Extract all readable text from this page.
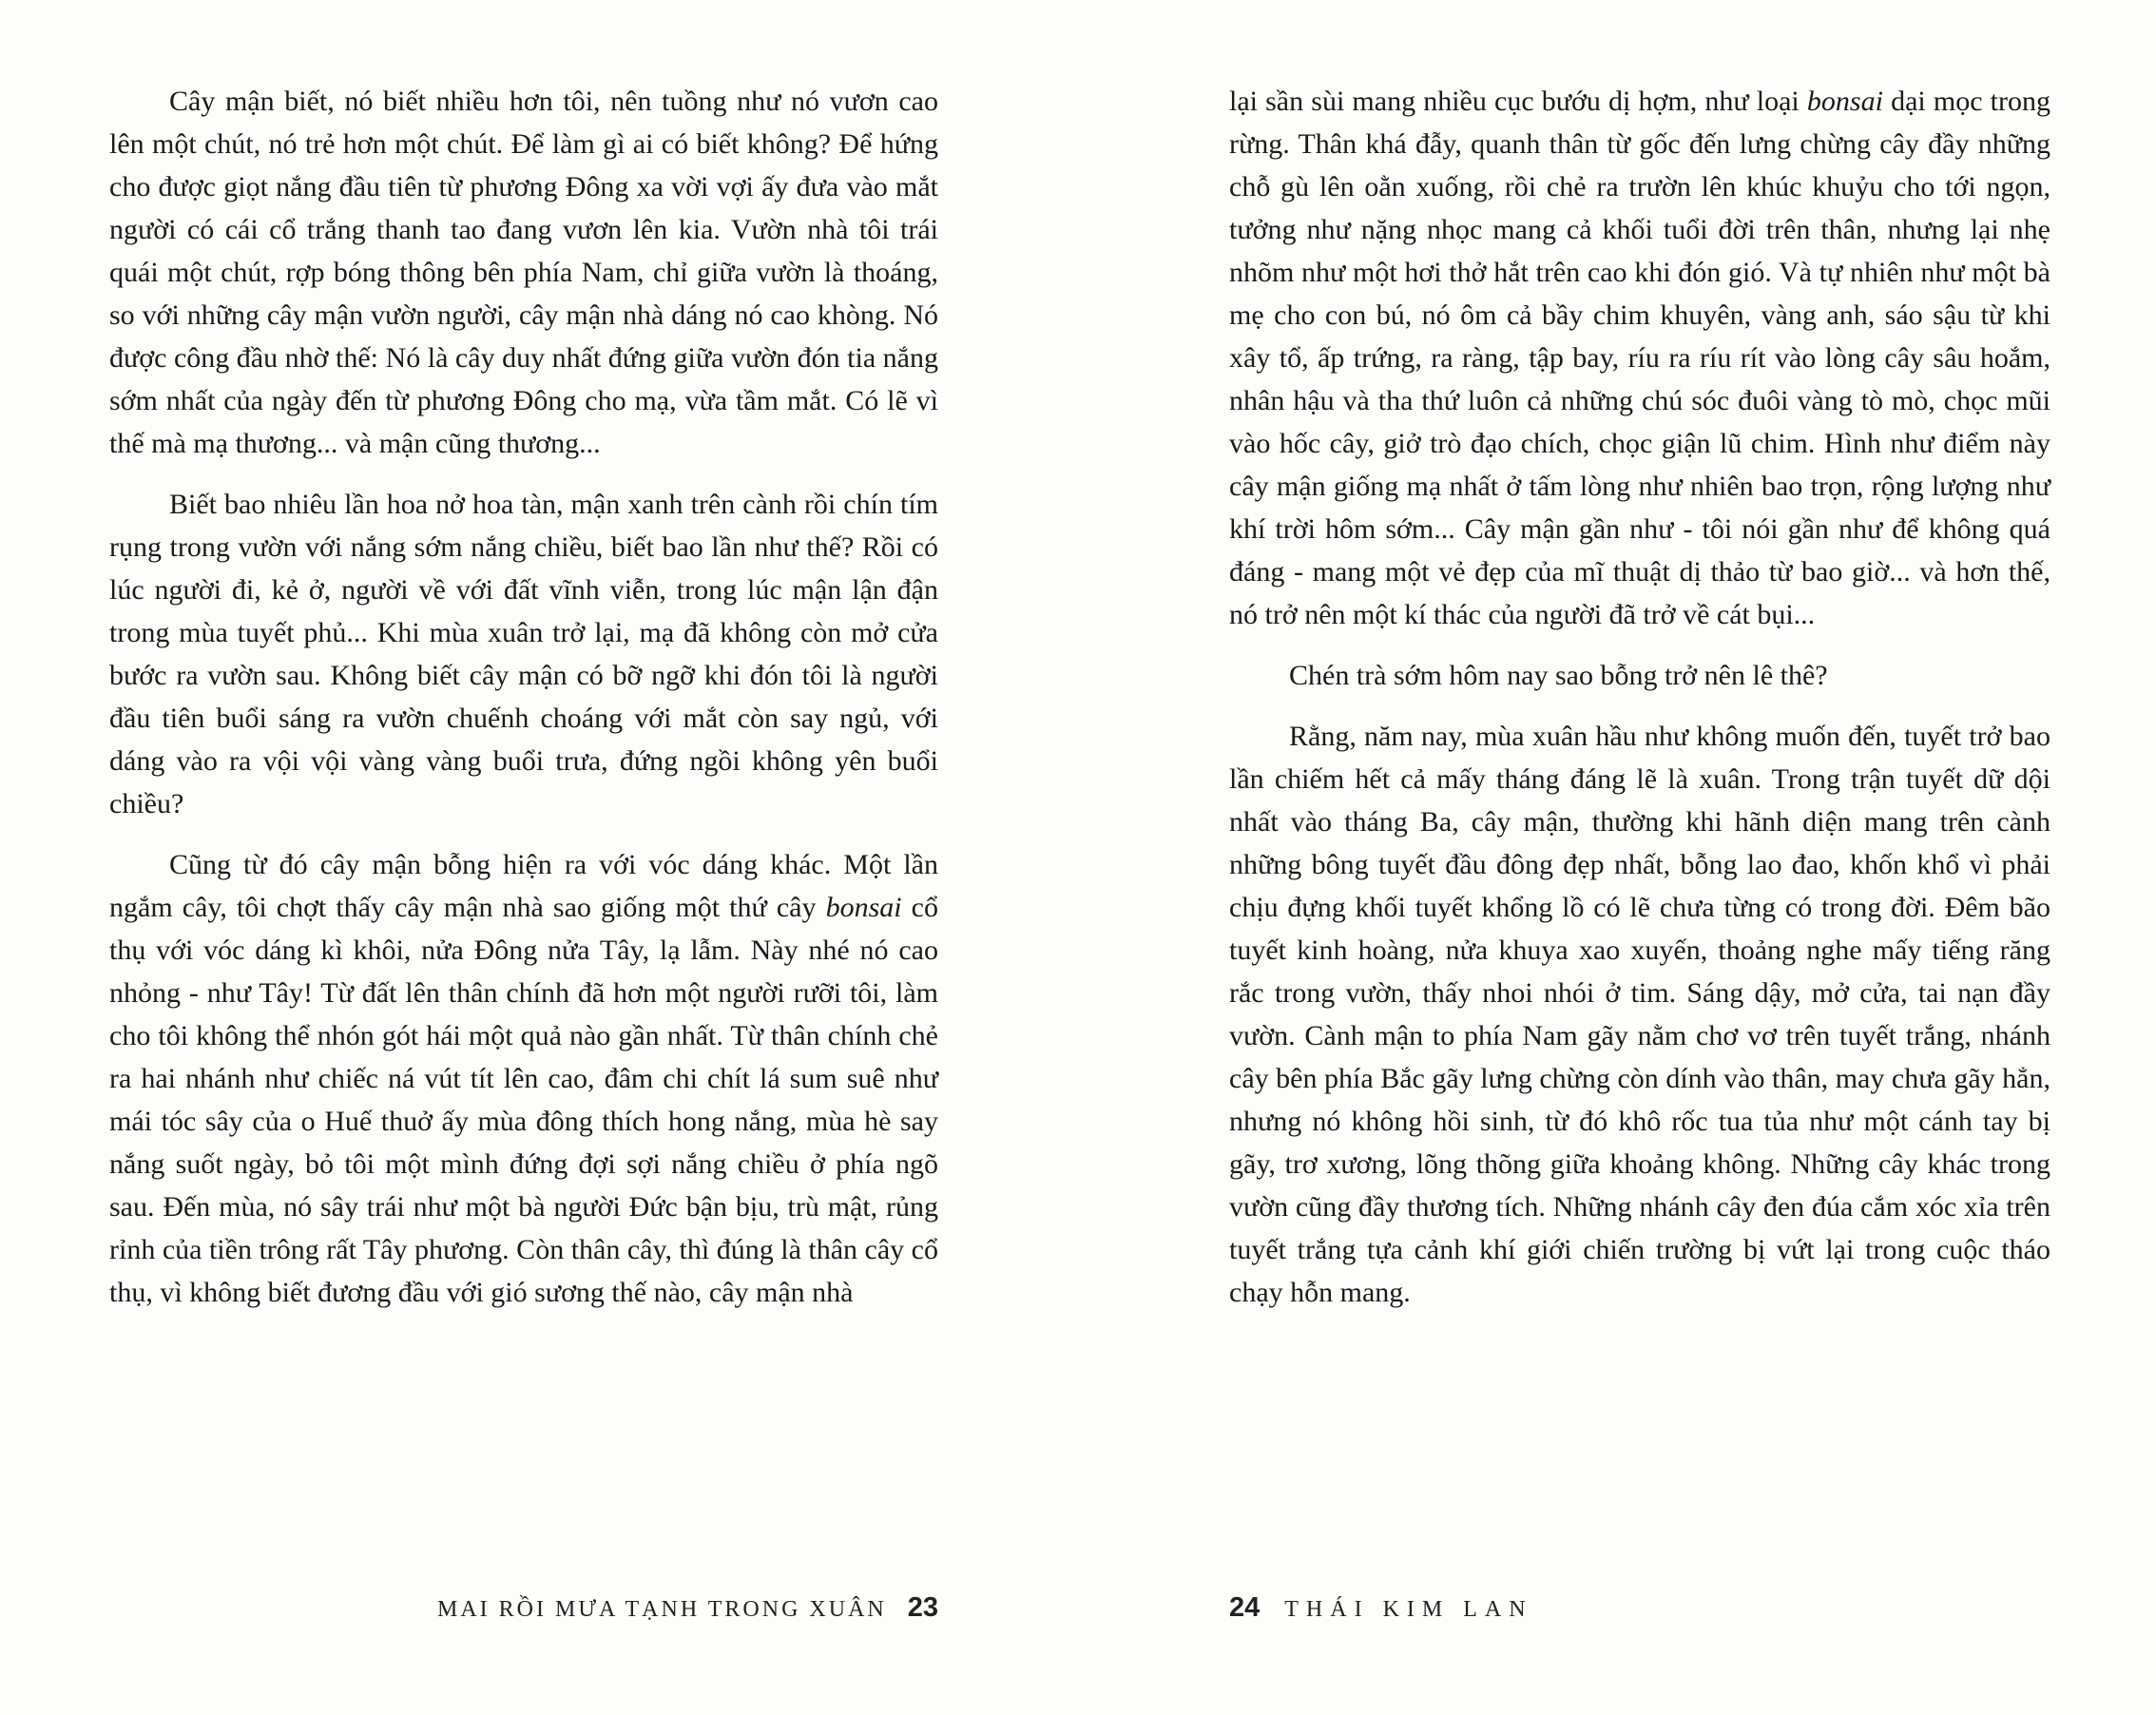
Cây mận biết, nó biết nhiều hơn tôi, nên tuồng như nó vươn cao lên một chút, nó trẻ hơn một chút. Để làm gì ai có biết không? Để hứng cho được giọt nắng đầu tiên từ phương Đông xa vời vợi ấy đưa vào mắt người có cái cổ trắng thanh tao đang vươn lên kia. Vườn nhà tôi trái quái một chút, rợp bóng thông bên phía Nam, chỉ giữa vườn là thoáng, so với những cây mận vườn người, cây mận nhà dáng nó cao khòng. Nó được công đầu nhờ thế: Nó là cây duy nhất đứng giữa vườn đón tia nắng sớm nhất của ngày đến từ phương Đông cho mạ, vừa tầm mắt. Có lẽ vì thế mà mạ thương... và mận cũng thương...

Biết bao nhiêu lần hoa nở hoa tàn, mận xanh trên cành rồi chín tím rụng trong vườn với nắng sớm nắng chiều, biết bao lần như thế? Rồi có lúc người đi, kẻ ở, người về với đất vĩnh viễn, trong lúc mận lận đận trong mùa tuyết phủ... Khi mùa xuân trở lại, mạ đã không còn mở cửa bước ra vườn sau. Không biết cây mận có bỡ ngỡ khi đón tôi là người đầu tiên buổi sáng ra vườn chuếnh choáng với mắt còn say ngủ, với dáng vào ra vội vội vàng vàng buổi trưa, đứng ngồi không yên buổi chiều?

Cũng từ đó cây mận bỗng hiện ra với vóc dáng khác. Một lần ngắm cây, tôi chợt thấy cây mận nhà sao giống một thứ cây bonsai cổ thụ với vóc dáng kì khôi, nửa Đông nửa Tây, lạ lẫm. Này nhé nó cao nhỏng - như Tây! Từ đất lên thân chính đã hơn một người rưỡi tôi, làm cho tôi không thể nhón gót hái một quả nào gần nhất. Từ thân chính chẻ ra hai nhánh như chiếc ná vút tít lên cao, đâm chi chít lá sum suê như mái tóc sây của o Huế thuở ấy mùa đông thích hong nắng, mùa hè say nắng suốt ngày, bỏ tôi một mình đứng đợi sợi nắng chiều ở phía ngõ sau. Đến mùa, nó sây trái như một bà người Đức bận bịu, trù mật, rủng rỉnh của tiền trông rất Tây phương. Còn thân cây, thì đúng là thân cây cổ thụ, vì không biết đương đầu với gió sương thế nào, cây mận nhà

lại sần sùi mang nhiều cục bướu dị hợm, như loại bonsai dại mọc trong rừng. Thân khá đẫy, quanh thân từ gốc đến lưng chừng cây đầy những chỗ gù lên oằn xuống, rồi chẻ ra trườn lên khúc khuỷu cho tới ngọn, tưởng như nặng nhọc mang cả khối tuổi đời trên thân, nhưng lại nhẹ nhõm như một hơi thở hắt trên cao khi đón gió. Và tự nhiên như một bà mẹ cho con bú, nó ôm cả bầy chim khuyên, vàng anh, sáo sậu từ khi xây tổ, ấp trứng, ra ràng, tập bay, ríu ra ríu rít vào lòng cây sâu hoắm, nhân hậu và tha thứ luôn cả những chú sóc đuôi vàng tò mò, chọc mũi vào hốc cây, giở trò đạo chích, chọc giận lũ chim. Hình như điểm này cây mận giống mạ nhất ở tấm lòng như nhiên bao trọn, rộng lượng như khí trời hôm sớm... Cây mận gần như - tôi nói gần như để không quá đáng - mang một vẻ đẹp của mĩ thuật dị thảo từ bao giờ... và hơn thế, nó trở nên một kí thác của người đã trở về cát bụi...

Chén trà sớm hôm nay sao bỗng trở nên lê thê?

Rằng, năm nay, mùa xuân hầu như không muốn đến, tuyết trở bao lần chiếm hết cả mấy tháng đáng lẽ là xuân. Trong trận tuyết dữ dội nhất vào tháng Ba, cây mận, thường khi hãnh diện mang trên cành những bông tuyết đầu đông đẹp nhất, bỗng lao đao, khốn khổ vì phải chịu đựng khối tuyết khổng lồ có lẽ chưa từng có trong đời. Đêm bão tuyết kinh hoàng, nửa khuya xao xuyến, thoảng nghe mấy tiếng răng rắc trong vườn, thấy nhoi nhói ở tim. Sáng dậy, mở cửa, tai nạn đầy vườn. Cành mận to phía Nam gãy nằm chơ vơ trên tuyết trắng, nhánh cây bên phía Bắc gãy lưng chừng còn dính vào thân, may chưa gãy hẳn, nhưng nó không hồi sinh, từ đó khô rốc tua tủa như một cánh tay bị gãy, trơ xương, lõng thõng giữa khoảng không. Những cây khác trong vườn cũng đầy thương tích. Những nhánh cây đen đúa cắm xóc xỉa trên tuyết trắng tựa cảnh khí giới chiến trường bị vứt lại trong cuộc tháo chạy hỗn mang.

MAI RỒI MƯA TẠNH TRONG XUÂN 23	24 THÁI KIM LAN
